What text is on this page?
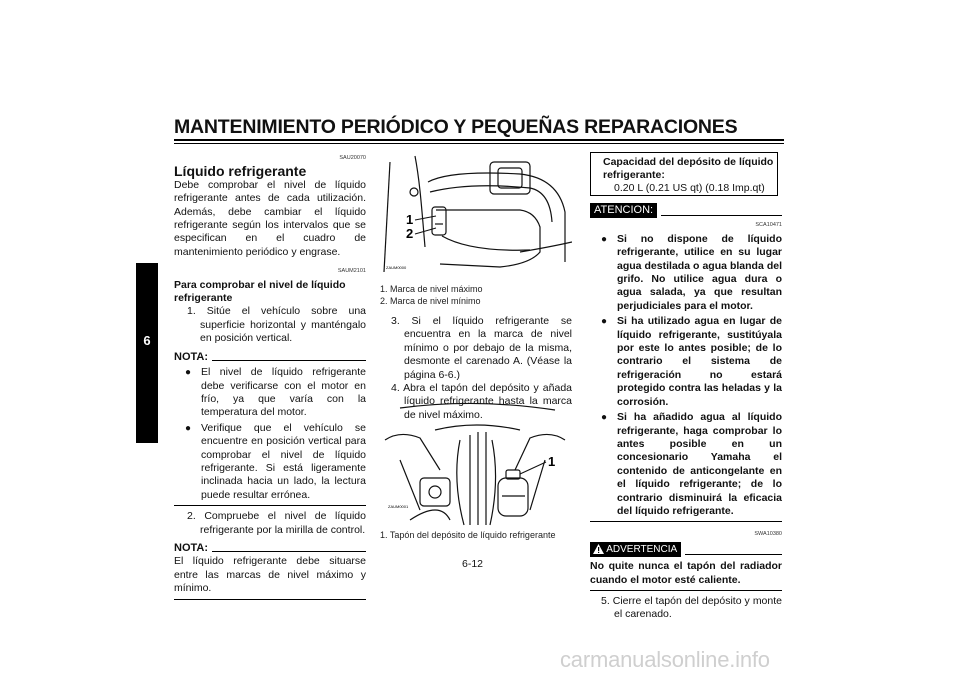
MANTENIMIENTO PERIÓDICO Y PEQUEÑAS REPARACIONES
6
SAU20070
Líquido refrigerante
Debe comprobar el nivel de líquido refrigerante antes de cada utilización. Además, debe cambiar el líquido refrigerante según los intervalos que se especifican en el cuadro de mantenimiento periódico y engrase.
SAUM2101
Para comprobar el nivel de líquido refrigerante
1. Sitúe el vehículo sobre una superficie horizontal y manténgalo en posición vertical.
NOTA:
● El nivel de líquido refrigerante debe verificarse con el motor en frío, ya que varía con la temperatura del motor.
● Verifique que el vehículo se encuentre en posición vertical para comprobar el nivel de líquido refrigerante. Si está ligeramente inclinada hacia un lado, la lectura puede resultar errónea.
2. Compruebe el nivel de líquido refrigerante por la mirilla de control.
NOTA:
El líquido refrigerante debe situarse entre las marcas de nivel máximo y mínimo.
1
2
ZAUM0000
1. Marca de nivel máximo
2. Marca de nivel mínimo
3. Si el líquido refrigerante se encuentra en la marca de nivel mínimo o por debajo de la misma, desmonte el carenado A. (Véase la página 6-6.)
4. Abra el tapón del depósito y añada líquido refrigerante hasta la marca de nivel máximo.
1
ZAUM0001
1. Tapón del depósito de líquido refrigerante
Capacidad del depósito de líquido refrigerante:
0.20 L (0.21 US qt) (0.18 Imp.qt)
ATENCION:
SCA10471
● Si no dispone de líquido refrigerante, utilice en su lugar agua destilada o agua blanda del grifo. No utilice agua dura o agua salada, ya que resultan perjudiciales para el motor.
● Si ha utilizado agua en lugar de líquido refrigerante, sustitúyala por este lo antes posible; de lo contrario el sistema de refrigeración no estará protegido contra las heladas y la corrosión.
● Si ha añadido agua al líquido refrigerante, haga comprobar lo antes posible en un concesionario Yamaha el contenido de anticongelante en el líquido refrigerante; de lo contrario disminuirá la eficacia del líquido refrigerante.
SWA10380
ADVERTENCIA
No quite nunca el tapón del radiador cuando el motor esté caliente.
5. Cierre el tapón del depósito y monte el carenado.
6-12
carmanualsonline.info
